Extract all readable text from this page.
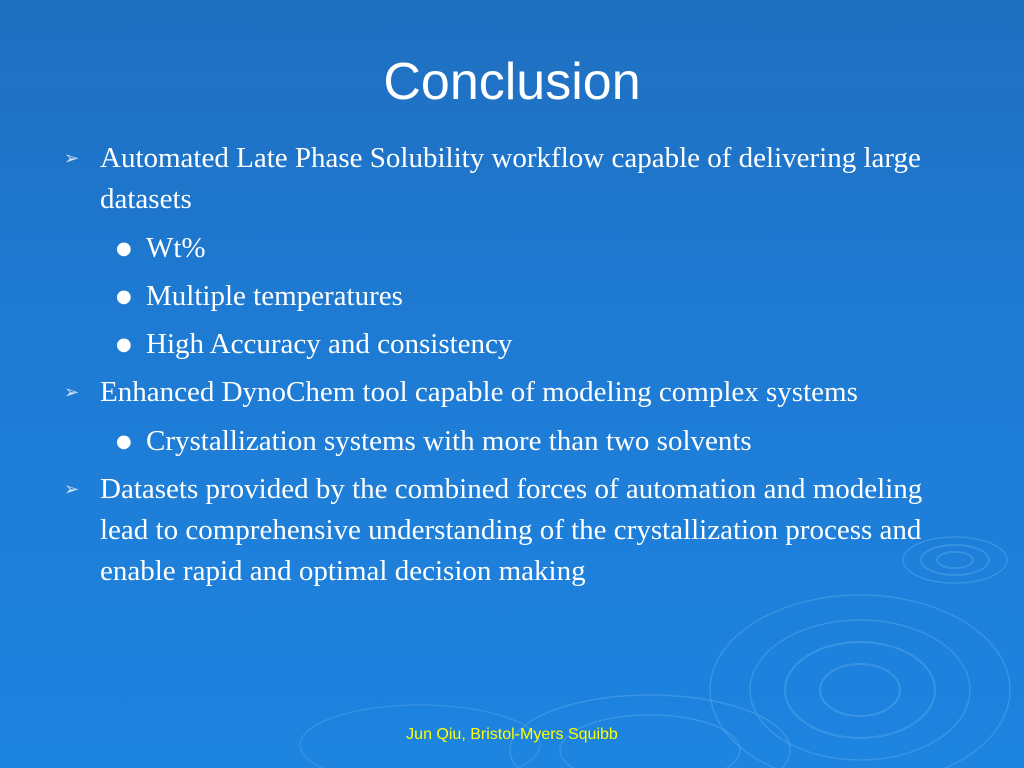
Conclusion
➢ Automated Late Phase Solubility workflow capable of delivering large datasets
● Wt%
● Multiple temperatures
● High Accuracy and consistency
➢ Enhanced DynoChem tool capable of modeling complex systems
● Crystallization systems with more than two solvents
➢ Datasets provided by the combined forces of automation and modeling lead to comprehensive understanding of the crystallization process and enable rapid and optimal decision making
Jun Qiu, Bristol-Myers Squibb
